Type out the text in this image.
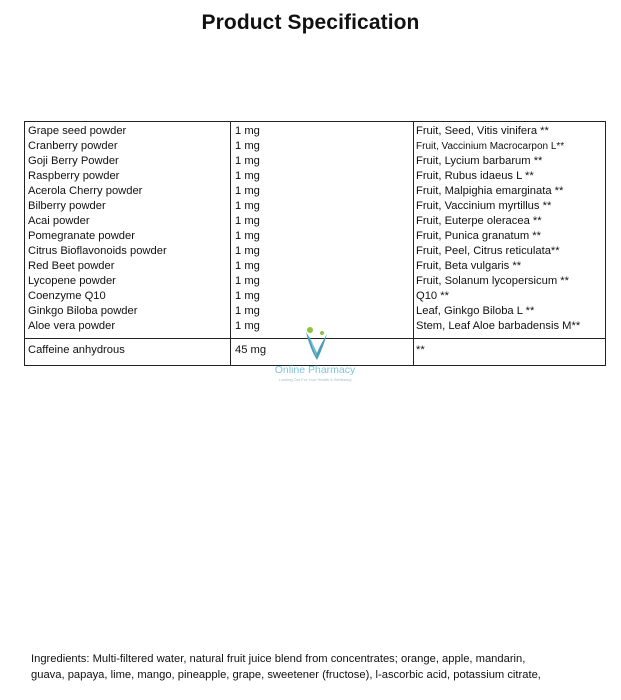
Product Specification
Grape seed powder	1 mg	Fruit, Seed, Vitis vinifera **
Cranberry powder	1 mg	Fruit, Vaccinium Macrocarpon L**
Goji Berry Powder	1 mg	Fruit, Lycium barbarum **
Raspberry powder	1 mg	Fruit, Rubus idaeus L **
Acerola Cherry powder	1 mg	Fruit, Malpighia emarginata **
Bilberry powder	1 mg	Fruit, Vaccinium myrtillus **
Acai powder	1 mg	Fruit, Euterpe oleracea **
Pomegranate powder	1 mg	Fruit, Punica granatum **
Citrus Bioflavonoids powder	1 mg	Fruit, Peel, Citrus reticulata**
Red Beet powder	1 mg	Fruit, Beta vulgaris **
Lycopene powder	1 mg	Fruit, Solanum lycopersicum **
Coenzyme Q10	1 mg	Q10 **
Ginkgo Biloba powder	1 mg	Leaf, Ginkgo Biloba L **
Aloe vera powder	1 mg	Stem, Leaf Aloe barbadensis M**
Caffeine anhydrous	45 mg	**
Online Pharmacy
Looking Out For Your Health & Wellbeing
Ingredients: Multi-filtered water, natural fruit juice blend from concentrates; orange, apple, mandarin,
guava, papaya, lime, mango, pineapple, grape, sweetener (fructose), l-ascorbic acid, potassium citrate,
